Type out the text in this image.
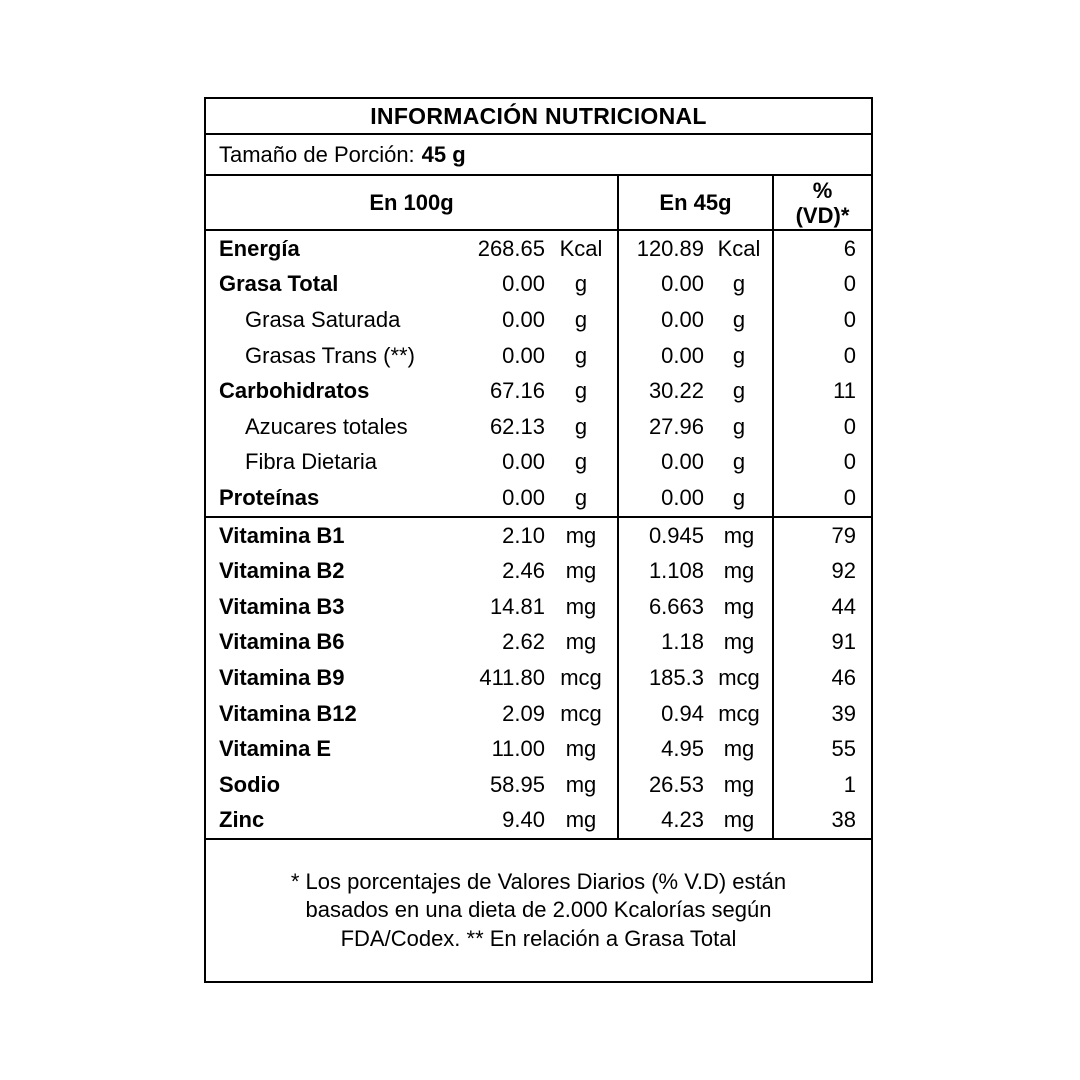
INFORMACIÓN NUTRICIONAL
Tamaño de Porción: 45 g
En 100g	En 45g	%
(VD)*
Energía	268.65 Kcal	120.89 Kcal	6
Grasa Total	0.00	g	0.00	g	0
Grasa Saturada	0.00	g	0.00	g	0
Grasas Trans (**)	0.00	g	0.00	g	0
Carbohidratos	67.16	g	30.22	g	11
Azucares totales	62.13	g	27.96	g	0
Fibra Dietaria	0.00	g	0.00	g	0
Proteínas	0.00	g	0.00	g	0
Vitamina B1	2.10 mg	0.945 mg	79
Vitamina B2	2.46 mg	1.108 mg	92
Vitamina B3	14.81 mg	6.663 mg	44
Vitamina B6	2.62 mg	1.18 mg	91
Vitamina B9	411.80 mcg	185.3 mcg	46
Vitamina B12	2.09 mcg	0.94 mcg	39
Vitamina E	11.00 mg	4.95 mg	55
Sodio	58.95 mg	26.53 mg	1
Zinc	9.40 mg	4.23 mg	38
* Los porcentajes de Valores Diarios (% V.D) están
basados en una dieta de 2.000 Kcalorías según
FDA/Codex. ** En relación a Grasa Total
